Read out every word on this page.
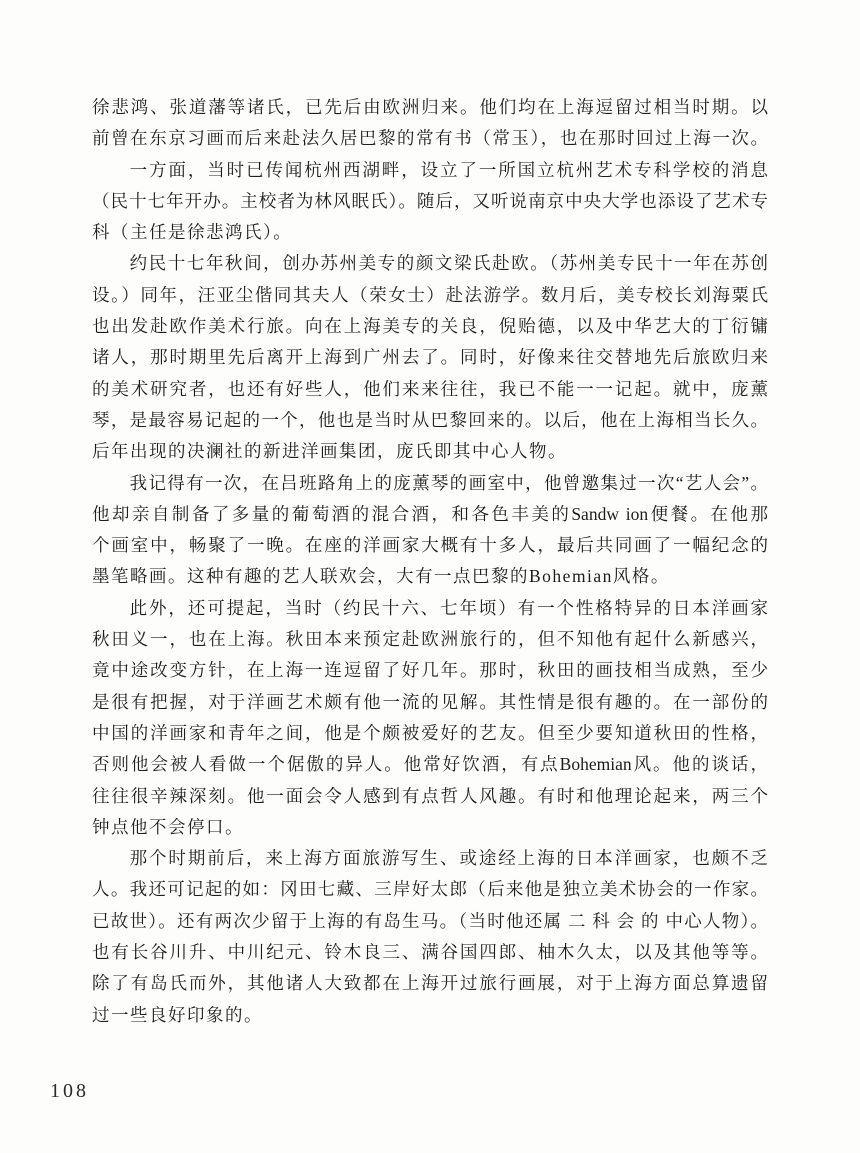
徐悲鸿、张道藩等诸氏，已先后由欧洲归来。他们均在上海逗留过相当时期。以
前曾在东京习画而后来赴法久居巴黎的常有书（常玉），也在那时回过上海一次。
一方面，当时已传闻杭州西湖畔，设立了一所国立杭州艺术专科学校的消息
（民十七年开办。主校者为林风眠氏）。随后，又听说南京中央大学也添设了艺术专
科（主任是徐悲鸿氏）。
约民十七年秋间，创办苏州美专的颜文梁氏赴欧。（苏州美专民十一年在苏创
设。）同年，汪亚尘偕同其夫人（荣女士）赴法游学。数月后，美专校长刘海粟氏
也出发赴欧作美术行旅。向在上海美专的关良，倪贻德，以及中华艺大的丁衍镛
诸人，那时期里先后离开上海到广州去了。同时，好像来往交替地先后旅欧归来
的美术研究者，也还有好些人，他们来来往往，我已不能一一记起。就中，庞薰
琴，是最容易记起的一个，他也是当时从巴黎回来的。以后，他在上海相当长久。
后年出现的决澜社的新进洋画集团，庞氏即其中心人物。
我记得有一次，在吕班路角上的庞薰琴的画室中，他曾邀集过一次“艺人会”。
他却亲自制备了多量的葡萄酒的混合酒，和各色丰美的Sandw ion便餐。在他那
个画室中，畅聚了一晚。在座的洋画家大概有十多人，最后共同画了一幅纪念的
墨笔略画。这种有趣的艺人联欢会，大有一点巴黎的Bohemian风格。
此外，还可提起，当时（约民十六、七年顷）有一个性格特异的日本洋画家
秋田义一，也在上海。秋田本来预定赴欧洲旅行的，但不知他有起什么新感兴，
竟中途改变方针，在上海一连逗留了好几年。那时，秋田的画技相当成熟，至少
是很有把握，对于洋画艺术颇有他一流的见解。其性情是很有趣的。在一部份的
中国的洋画家和青年之间，他是个颇被爱好的艺友。但至少要知道秋田的性格，
否则他会被人看做一个倨傲的异人。他常好饮酒，有点Bohemian风。他的谈话，
往往很辛辣深刻。他一面会令人感到有点哲人风趣。有时和他理论起来，两三个
钟点他不会停口。
那个时期前后，来上海方面旅游写生、或途经上海的日本洋画家，也颇不乏
人。我还可记起的如：冈田七藏、三岸好太郎（后来他是独立美术协会的一作家。
已故世）。还有两次少留于上海的有岛生马。（当时他还属 二 科 会 的 中心人物）。
也有长谷川升、中川纪元、铃木良三、满谷国四郎、柚木久太，以及其他等等。
除了有岛氏而外，其他诸人大致都在上海开过旅行画展，对于上海方面总算遗留
过一些良好印象的。
108
